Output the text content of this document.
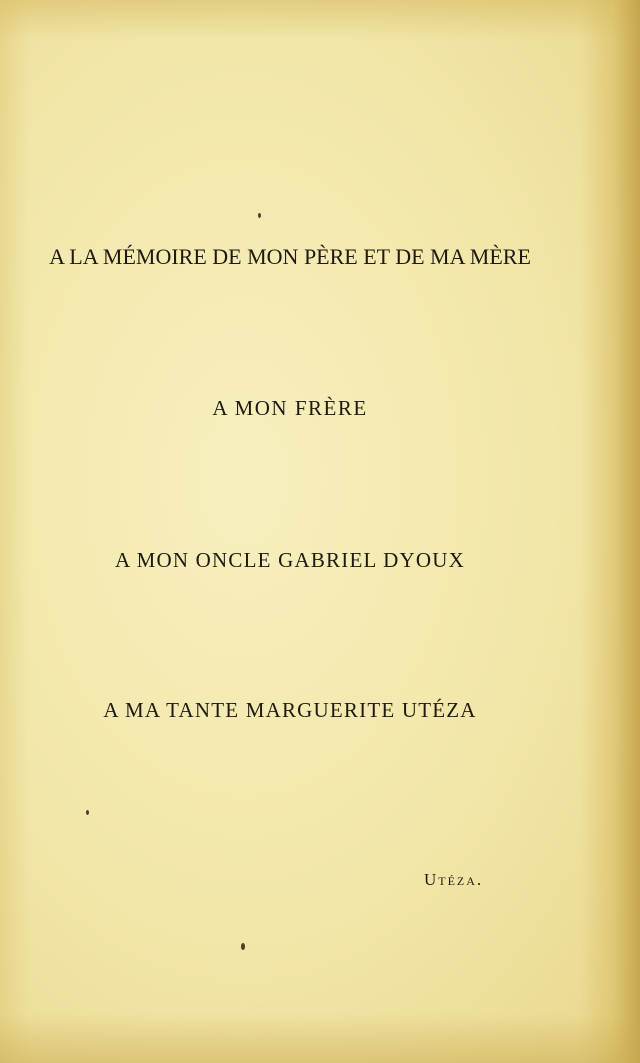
A LA MÉMOIRE DE MON PÈRE ET DE MA MÈRE
A MON FRÈRE
A MON ONCLE GABRIEL DYOUX
A MA TANTE MARGUERITE UTÉZA
Utéza.
